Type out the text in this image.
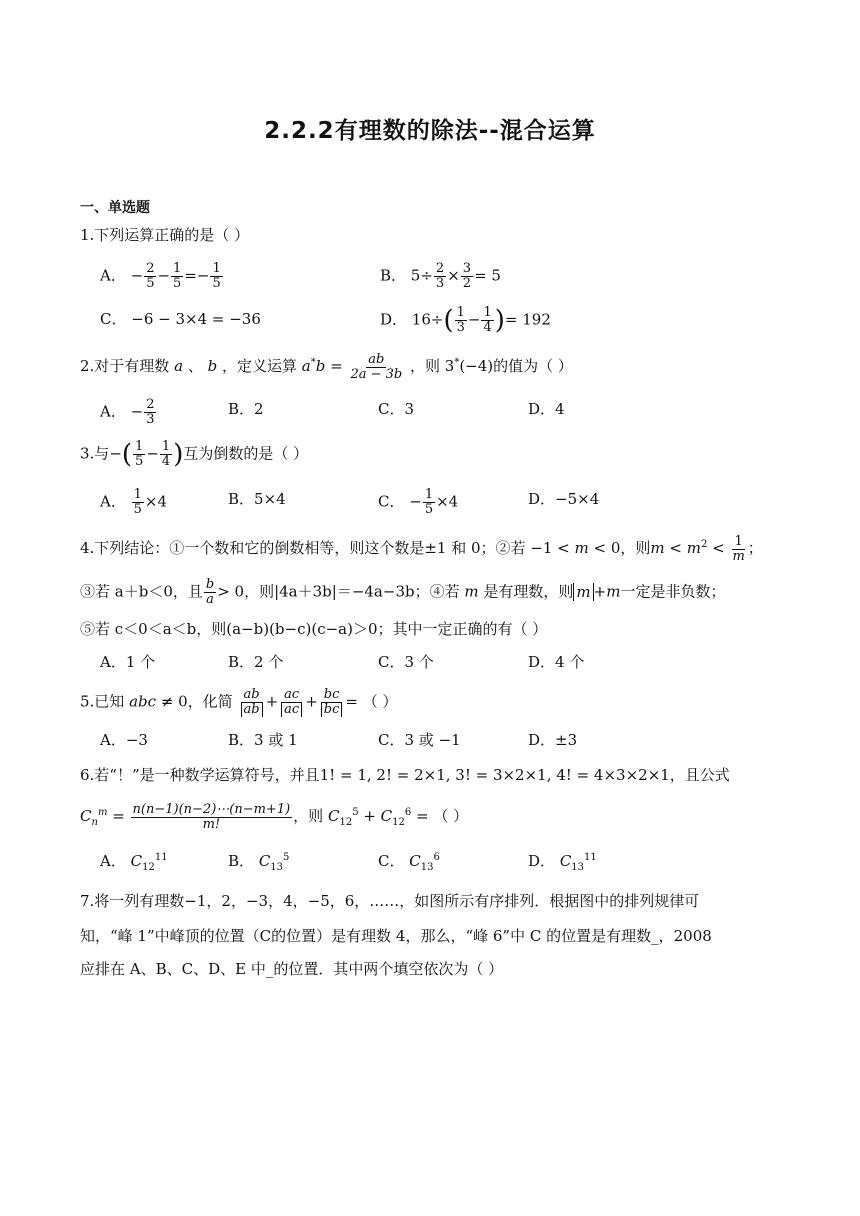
2.2.2有理数的除法--混合运算
一、单选题
1.下列运算正确的是（ ）
A． − $\frac{2}{5} - \frac{1}{5} =- \frac{1}{5}$	B． $5\div \frac{2}{3} \times \frac{3}{2} = 5$
C． −6 − 3×4 = −36	D． $16\div( \frac{1}{3} - \frac{1}{4}$ )= 192
2.对于有理数 a 、 b ，定义运算 $a^*b = \frac{ab}{2a - 3b}$ ，则 3*(−4)的值为（ ）
A． − $\frac{2}{3}$	B．2	C．3	D．4
3.与−( $\frac{1}{5} - \frac{1}{4}$ )互为倒数的是（ ）
A． $\frac{1}{5} \times 4$	B．5×4	C． − $\frac{1}{5} \times 4$	D．−5×4
4.下列结论：①一个数和它的倒数相等，则这个数是±1 和 0；②若 −1 < m < 0，则$m < m^2 < \frac{1}{m}$ ；
③若 a＋b＜0，且 $\frac{b}{a} > 0$，则|4a＋3b|＝−4a−3b；④若 m 是有理数，则 m +m一定是非负数；
⑤若 c＜0＜a＜b，则(a−b)(b−c)(c−a)＞0；其中一定正确的有（ ）
A．1 个	B．2 个	C．3 个	D．4 个
5.已知 abc ≠ 0，化简 $\frac{ab}{ab} + \frac{ac}{ac} + \frac{bc}{bc}$ = （ ）
A．−3	B．3 或 1	C．3 或 −1	D．±3
6.若“！”是一种数学运算符号，并且1! = 1, 2! = 2×1, 3! = 3×2×1, 4! = 4×3×2×1，且公式
$C_n^m = \frac{n(n-1)(n-2)\cdots(n-m+1)}{m!}$ ，则 $C_{12}^5 + C_{12}^6$ = （ ）
A． $C_{12}^{11}$	B． $C_{13}^5$	C． $C_{13}^6$	D． $C_{13}^{11}$
7.将一列有理数−1，2，−3，4，−5，6，……，如图所示有序排列．根据图中的排列规律可
知，“峰 1”中峰顶的位置（C的位置）是有理数 4，那么，“峰 6”中 C 的位置是有理数_，2008
应排在 A、B、C、D、E 中_的位置．其中两个填空依次为（ ）
